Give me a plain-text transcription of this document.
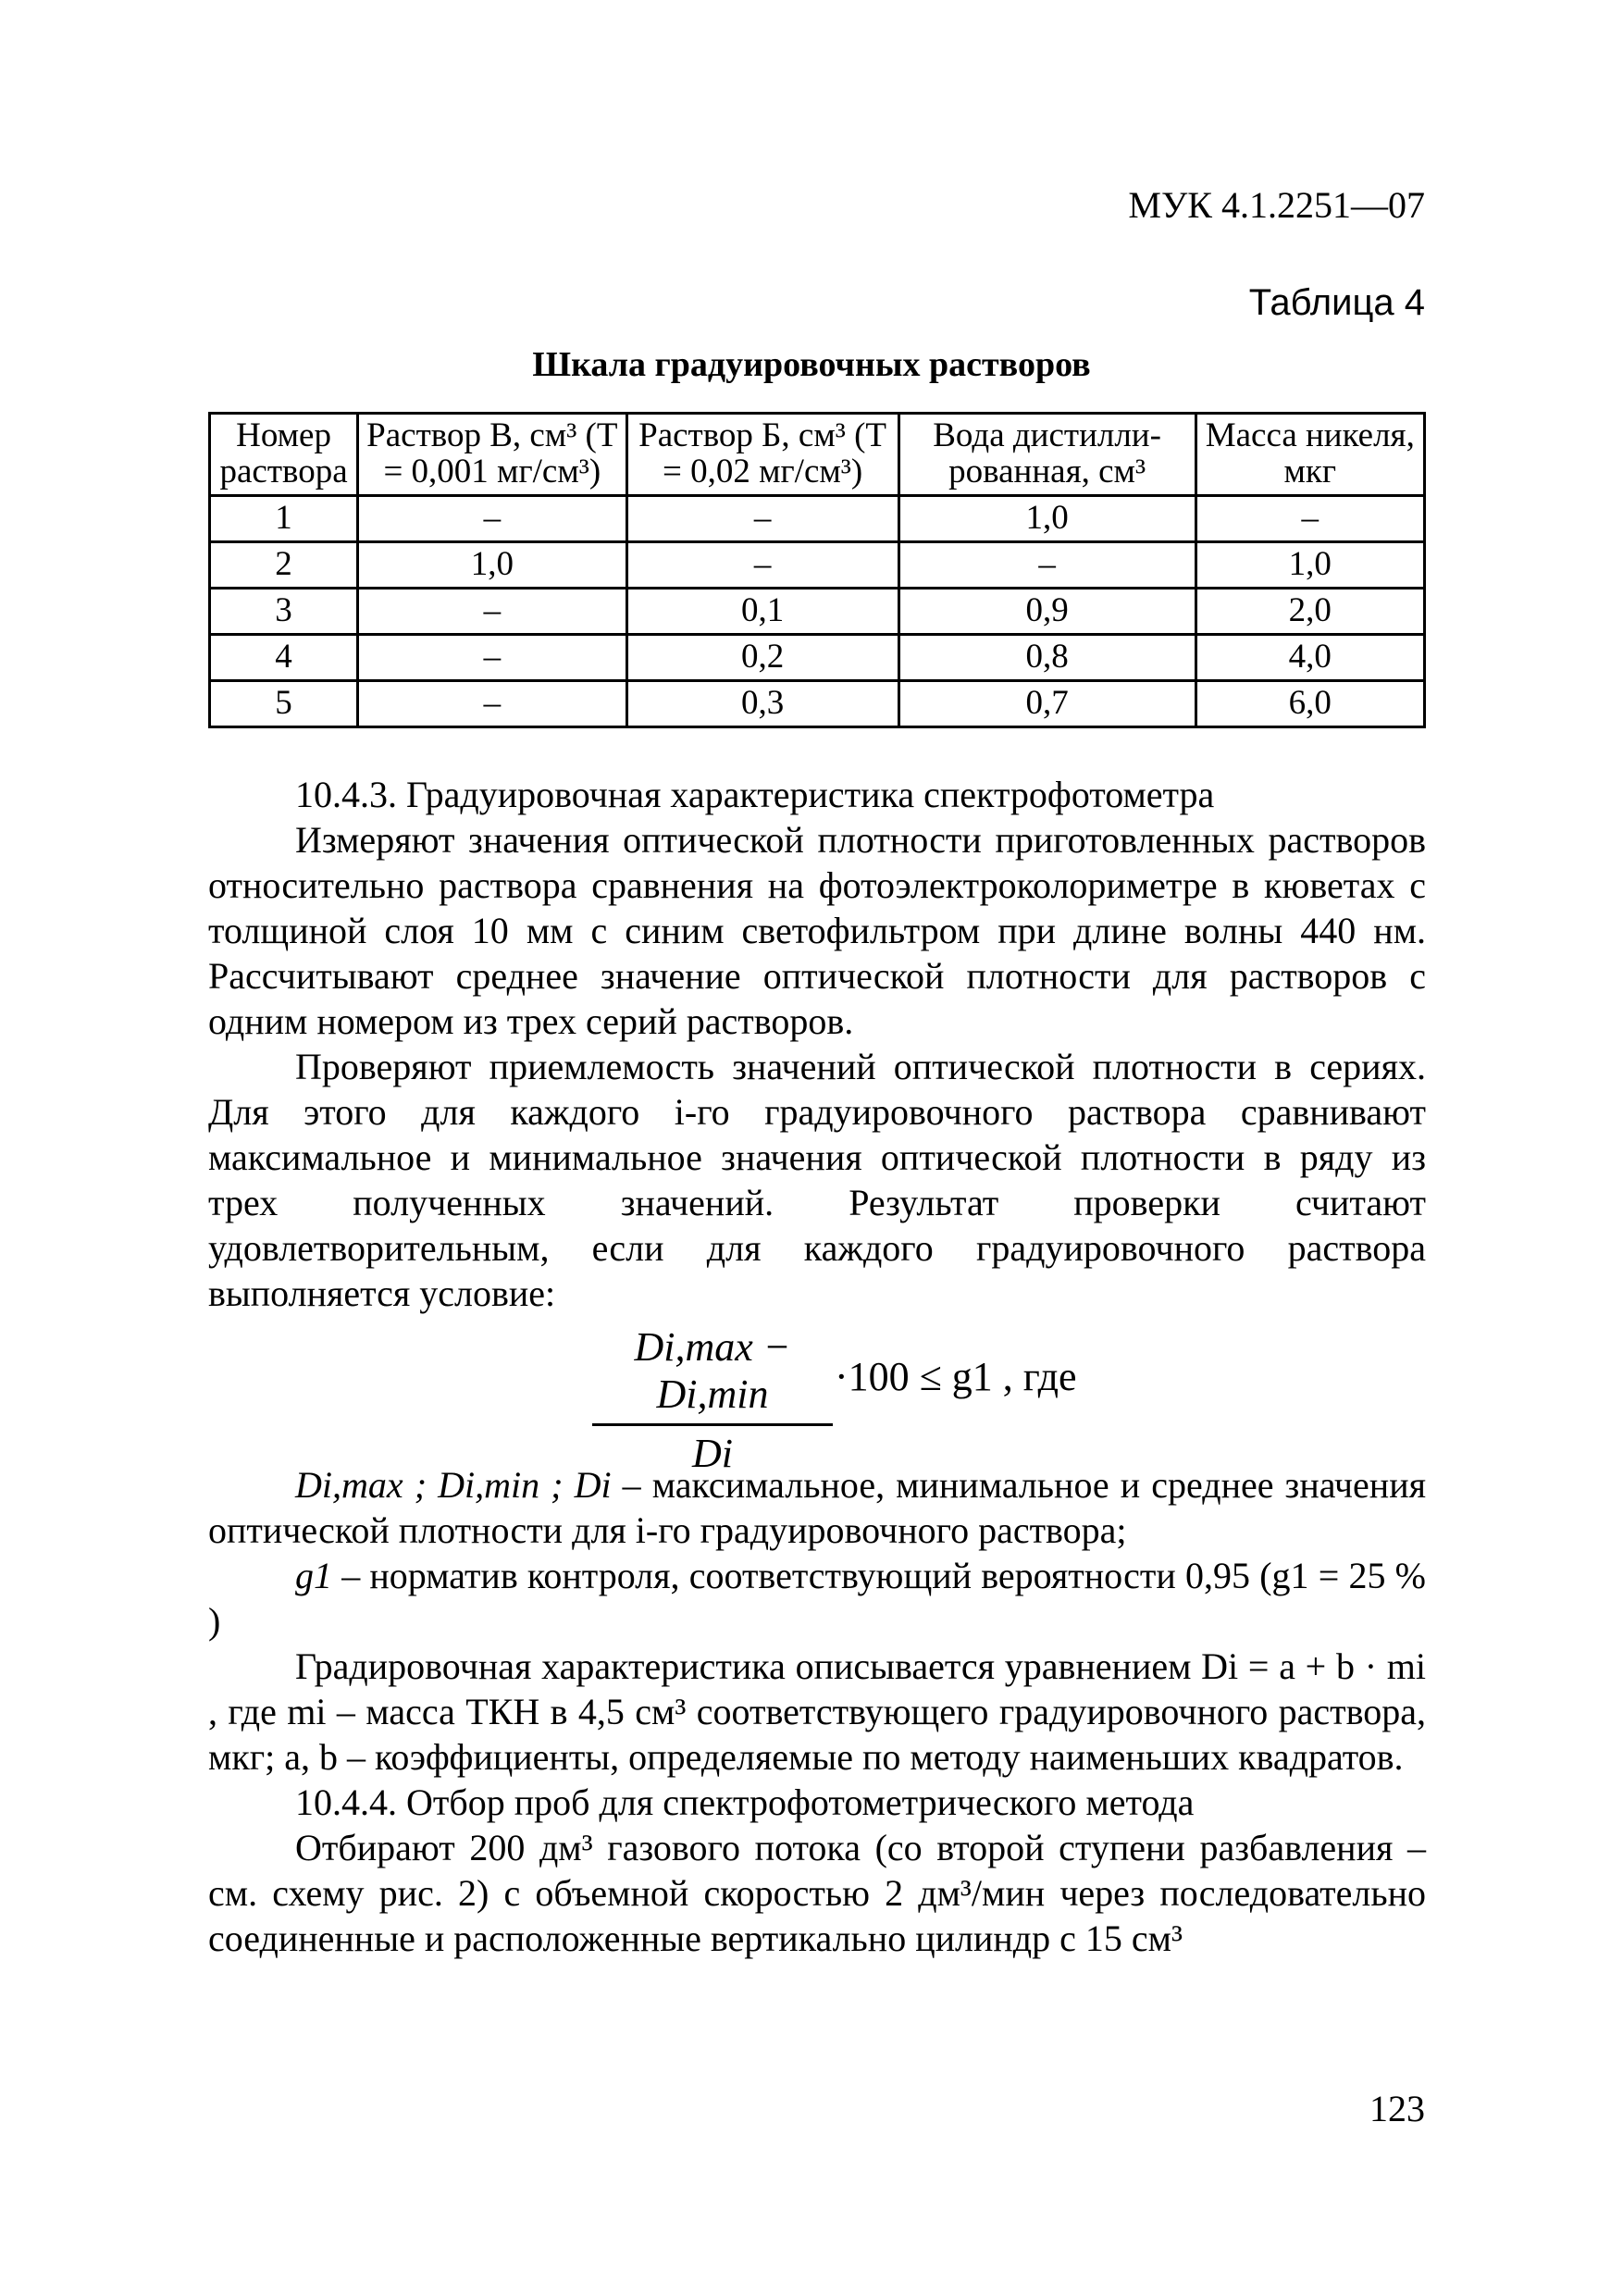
МУК 4.1.2251—07
Таблица 4
Шкала градуировочных растворов
Номер раствора	Раствор В, см³ (Т = 0,001 мг/см³)	Раствор Б, см³ (Т = 0,02 мг/см³)	Вода дистилли-рованная, см³	Масса никеля, мкг
1	–	–	1,0	–
2	1,0	–	–	1,0
3	–	0,1	0,9	2,0
4	–	0,2	0,8	4,0
5	–	0,3	0,7	6,0

10.4.3. Градуировочная характеристика спектрофотометра

Измеряют значения оптической плотности приготовленных растворов относительно раствора сравнения на фотоэлектроколориметре в кюветах с толщиной слоя 10 мм с синим светофильтром при длине волны 440 нм. Рассчитывают среднее значение оптической плотности для растворов с одним номером из трех серий растворов.

Проверяют приемлемость значений оптической плотности в сериях. Для этого для каждого i-го градуировочного раствора сравнивают максимальное и минимальное значения оптической плотности в ряду из трех полученных значений. Результат проверки считают удовлетворительным, если для каждого градуировочного раствора выполняется условие:

Di,max − Di,min
Di
·100 ≤ g1 , где

Di,max ; Di,min ; Di – максимальное, минимальное и среднее значения оптической плотности для i-го градуировочного раствора;

g1 – норматив контроля, соответствующий вероятности 0,95 (g1 = 25 % )

Градировочная характеристика описывается уравнением Di = a + b · mi , где mi – масса ТКН в 4,5 см³ соответствующего градуировочного раствора, мкг; a, b – коэффициенты, определяемые по методу наименьших квадратов.

10.4.4. Отбор проб для спектрофотометрического метода

Отбирают 200 дм³ газового потока (со второй ступени разбавления – см. схему рис. 2) с объемной скоростью 2 дм³/мин через последовательно соединенные и расположенные вертикально цилиндр с 15 см³

123
